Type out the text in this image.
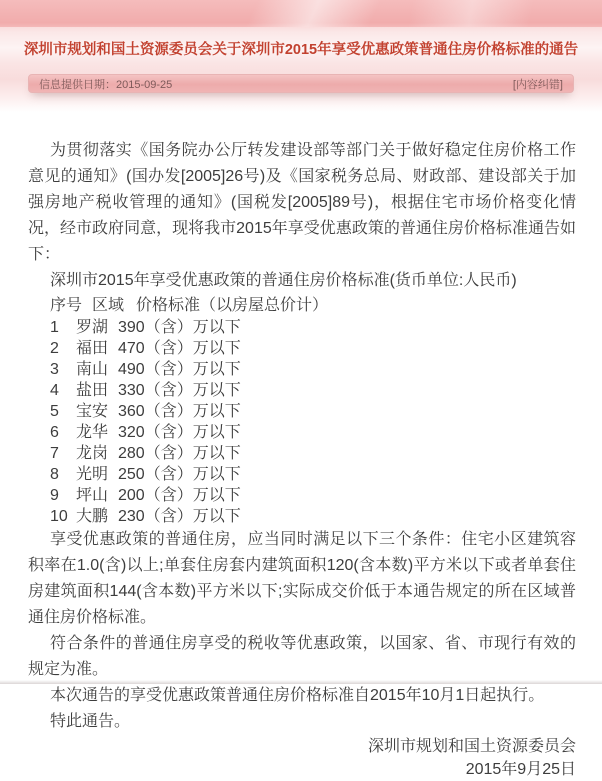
深圳市规划和国土资源委员会关于深圳市2015年享受优惠政策普通住房价格标准的通告
信息提供日期：2015-09-25	[内容纠错]

为贯彻落实《国务院办公厅转发建设部等部门关于做好稳定住房价格工作意见的通知》(国办发[2005]26号)及《国家税务总局、财政部、建设部关于加强房地产税收管理的通知》(国税发[2005]89号)，根据住宅市场价格变化情况，经市政府同意，现将我市2015年享受优惠政策的普通住房价格标准通告如下：

深圳市2015年享受优惠政策的普通住房价格标准(货币单位:人民币)

序号 区域 价格标准（以房屋总价计）
1	罗湖 390（含）万以下
2	福田 470（含）万以下
3	南山 490（含）万以下
4	盐田 330（含）万以下
5	宝安 360（含）万以下
6	龙华 320（含）万以下
7	龙岗 280（含）万以下
8	光明 250（含）万以下
9	坪山 200（含）万以下
10 大鹏 230（含）万以下

享受优惠政策的普通住房，应当同时满足以下三个条件：住宅小区建筑容积率在1.0(含)以上;单套住房套内建筑面积120(含本数)平方米以下或者单套住房建筑面积144(含本数)平方米以下;实际成交价低于本通告规定的所在区域普通住房价格标准。

符合条件的普通住房享受的税收等优惠政策，以国家、省、市现行有效的规定为准。

本次通告的享受优惠政策普通住房价格标准自2015年10月1日起执行。

特此通告。

深圳市规划和国土资源委员会

2015年9月25日
